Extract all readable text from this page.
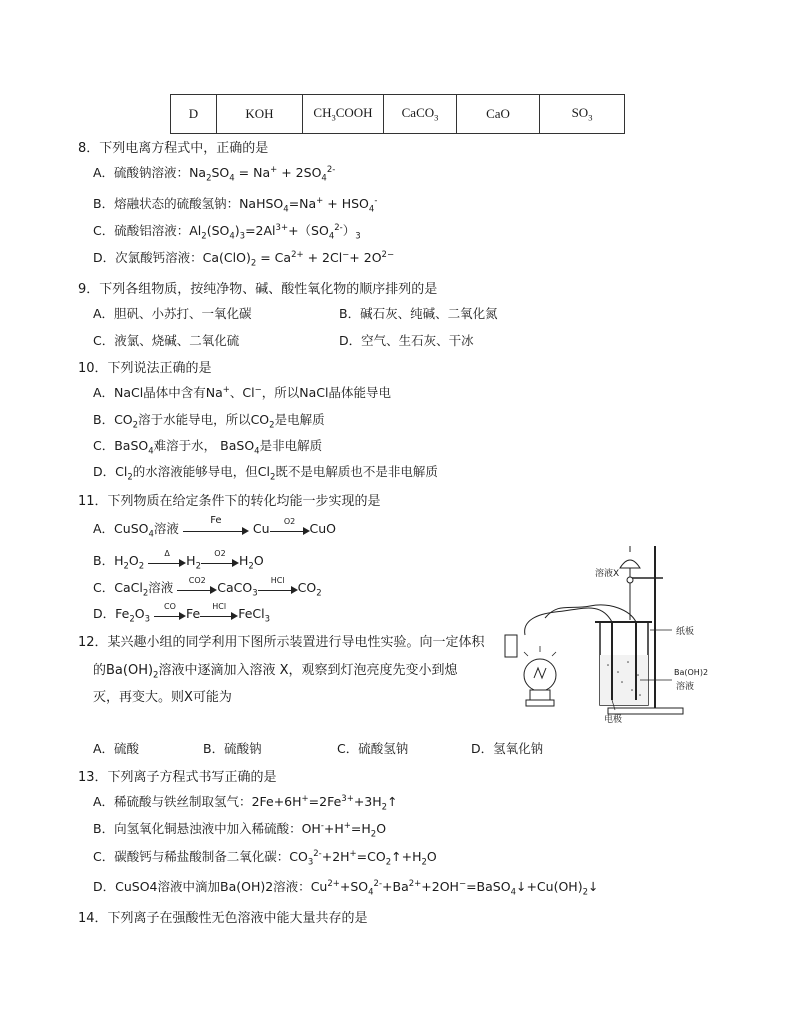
D	KOH	$CH_3COOH$	CaCO$_3$	CaO	$SO_3$
8．下列电离方程式中，正确的是
A．硫酸钠溶液：$Na_2SO_4 = Na^+ + 2SO_4^{2-}$
B．熔融状态的硫酸氢钠：NaHSO$_4$=Na+ + $HSO_4^-$
C．硫酸铝溶液：$Al_2(SO_4)_3=2Al^{3+}+(SO_4^{2-})_3$
D．次氯酸钙溶液：$Ca(ClO)_2 = Ca^{2+} + 2Cl^-+ 2O^{2-}$
9．下列各组物质，按纯净物、碱、酸性氧化物的顺序排列的是
A．胆矾、小苏打、一氧化碳	B．碱石灰、纯碱、二氧化氮
C．液氯、烧碱、二氧化硫	D．空气、生石灰、干冰
10．下列说法正确的是
A．NaCl晶体中含有Na+、Cl−，所以NaCl晶体能导电
B．$CO_2$溶于水能导电，所以$CO_2$是电解质
C．BaSO$_4$难溶于水， BaSO$_4$是非电解质
D．$Cl_2$的水溶液能够导电，但$Cl_2$既不是电解质也不是非电解质
11．下列物质在给定条件下的转化均能一步实现的是
A．CuSO$_4$溶液
Fe
Cu	O2	CuO
B．$H_2O_2$
Δ	$H_2$
O2	$H_2O$
C．CaCl$_2$溶液	CO2 CaCO$_3$
HCl	$CO_2$
D．$Fe_2O_3$
CO Fe	HCl FeCl$_3$
12．某兴趣小组的同学利用下图所示装置进行导电性实验。向一定体积
的$Ba(OH)_2$溶液中逐滴加入溶液 X，观察到灯泡亮度先变小到熄
灭，再变大。则X可能为
A．硫酸	B．硫酸钠	C．硫酸氢钠	D．氢氧化钠
溶液X
纸板
Ba(OH)2
溶液
电极
13．下列离子方程式书写正确的是
A．稀硫酸与铁丝制取氢气：$2Fe+6H^+=2Fe^{3+}+3H_2↑$
B．向氢氧化铜悬浊液中加入稀硫酸：$OH^-+H^+=H_2O$
C．碳酸钙与稀盐酸制备二氧化碳：$CO_3^{2-}+2H^+=CO_2↑+H_2O$
D．CuSO4溶液中滴加Ba(OH)2溶液：$Cu^{2+}+SO_4^{2-}+Ba^{2+}+2OH^-=BaSO_4↓+Cu(OH)_2↓$
14．下列离子在强酸性无色溶液中能大量共存的是
